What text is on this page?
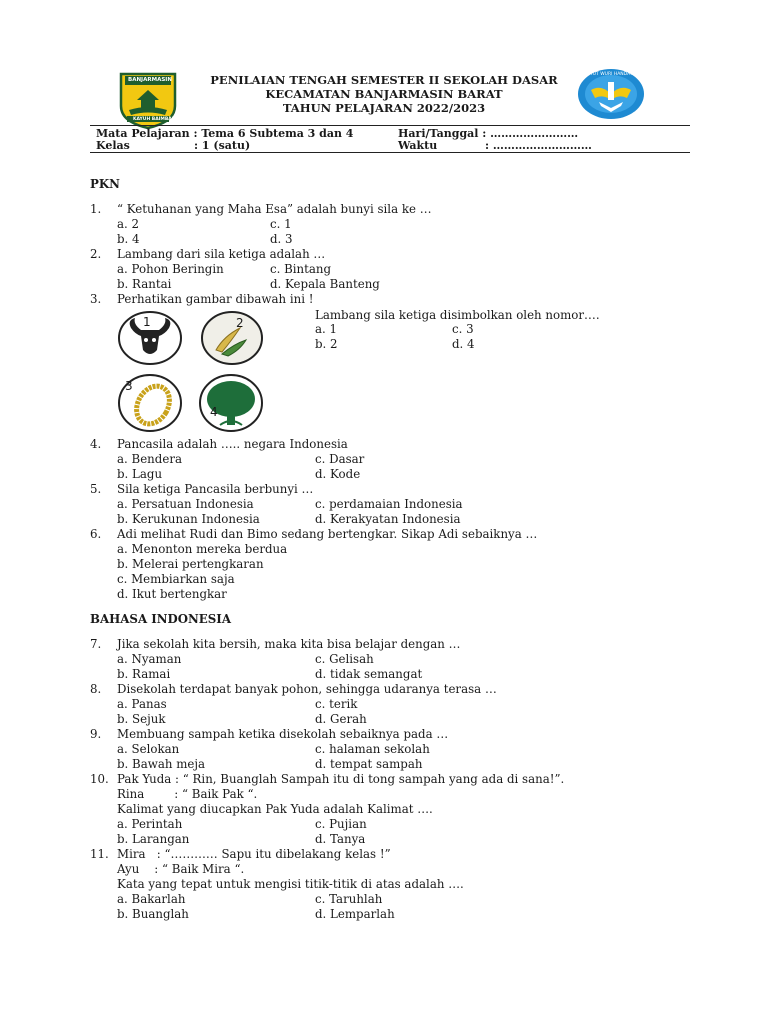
BANJARMASIN
KAYUH BAIMBAI
PENILAIAN TENGAH SEMESTER II SEKOLAH DASAR
KECAMATAN BANJARMASIN BARAT
TAHUN PELAJARAN 2022/2023
TUT WURI HANDAYANI
Mata Pelajaran : Tema 6 Subtema 3 dan 4
Kelas	: 1 (satu)
Hari/Tanggal : ……………………
Waktu	: ………………………
PKN
1. “ Ketuhanan yang Maha Esa” adalah bunyi sila ke …
a. 2	c. 1
b. 4	d. 3
2. Lambang dari sila ketiga adalah …
a. Pohon Beringin	c. Bintang
b. Rantai	d. Kepala Banteng
3. Perhatikan gambar dibawah ini !
Lambang sila ketiga disimbolkan oleh nomor….
a. 1	c. 3
b. 2	d. 4
1	2
3
4
4. Pancasila adalah ….. negara Indonesia
a. Bendera	c. Dasar
b. Lagu	d. Kode
5. Sila ketiga Pancasila berbunyi …
a. Persatuan Indonesia	c. perdamaian Indonesia
b. Kerukunan Indonesia	d. Kerakyatan Indonesia
6. Adi melihat Rudi dan Bimo sedang bertengkar. Sikap Adi sebaiknya …
a. Menonton mereka berdua
b. Melerai pertengkaran
c. Membiarkan saja
d. Ikut bertengkar
BAHASA INDONESIA
7. Jika sekolah kita bersih, maka kita bisa belajar dengan …
a. Nyaman	c. Gelisah
b. Ramai	d. tidak semangat
8. Disekolah terdapat banyak pohon, sehingga udaranya terasa …
a. Panas	c. terik
b. Sejuk	d. Gerah
9. Membuang sampah ketika disekolah sebaiknya pada …
a. Selokan	c. halaman sekolah
b. Bawah meja	d. tempat sampah
10. Pak Yuda : “ Rin, Buanglah Sampah itu di tong sampah yang ada di sana!”.
Rina        : “ Baik Pak “.
Kalimat yang diucapkan Pak Yuda adalah Kalimat ….
a. Perintah	c. Pujian
b. Larangan	d. Tanya
11. Mira   : “………… Sapu itu dibelakang kelas !”
Ayu    : “ Baik Mira “.
Kata yang tepat untuk mengisi titik-titik di atas adalah ….
a. Bakarlah	c. Taruhlah
b. Buanglah	d. Lemparlah
